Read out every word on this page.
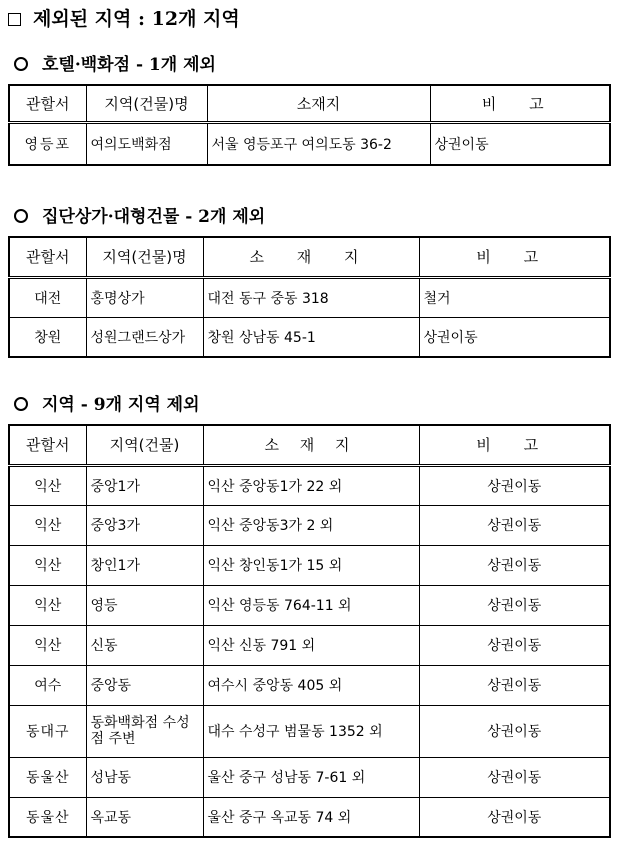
제외된 지역 : 12개 지역
호텔·백화점 - 1개 제외
관할서	지역(건물)명	소재지	비 고
영등포	여의도백화점	서울 영등포구 여의도동 36-2	상권이동
집단상가·대형건물 - 2개 제외
관할서	지역(건물)명	소 재 지	비 고
대전	홍명상가	대전 동구 중동 318	철거
창원	성원그랜드상가	창원 상남동 45-1	상권이동
지역 - 9개 지역 제외
관할서	지역(건물)	소 재 지	비 고
익산	중앙1가	익산 중앙동1가 22 외	상권이동
익산	중앙3가	익산 중앙동3가 2 외	상권이동
익산	창인1가	익산 창인동1가 15 외	상권이동
익산	영등	익산 영등동 764-11 외	상권이동
익산	신동	익산 신동 791 외	상권이동
여수	중앙동	여수시 중앙동 405 외	상권이동
동대구	동화백화점 수성점 주변	대수 수성구 범물동 1352 외	상권이동
동울산	성남동	울산 중구 성남동 7-61 외	상권이동
동울산	옥교동	울산 중구 옥교동 74 외	상권이동
